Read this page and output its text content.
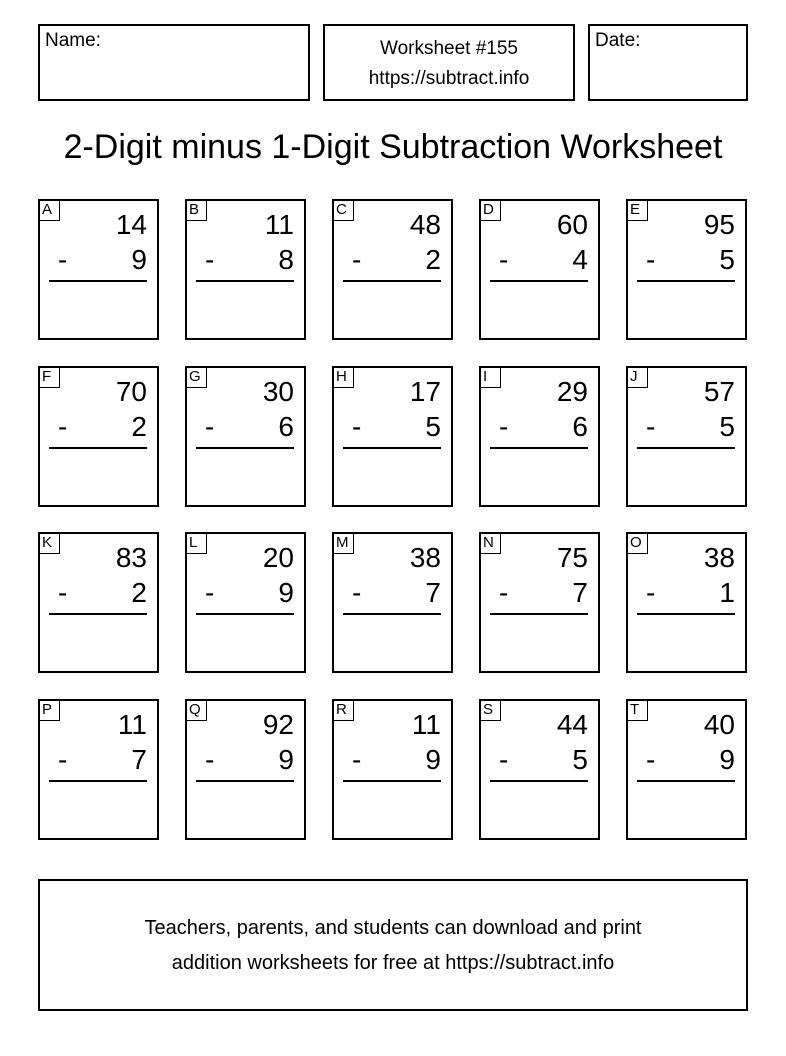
Name:	Worksheet #155
https://subtract.info
Date:
2-Digit minus 1-Digit Subtraction Worksheet
A 14
- 9
B 11
- 8
C 48
- 2
D 60
- 4
E 95
- 5
F	70
- 2
G 30
- 6
H 17
- 5
I	29
- 6
J	57
- 5
K 83
- 2
L	20
- 9
M 38
- 7
N 75
- 7
O 38
- 1
P 11
- 7
Q 92
- 9
R 11
- 9
S 44
- 5
T	40
- 9
Teachers, parents, and students can download and print
addition worksheets for free at https://subtract.info
